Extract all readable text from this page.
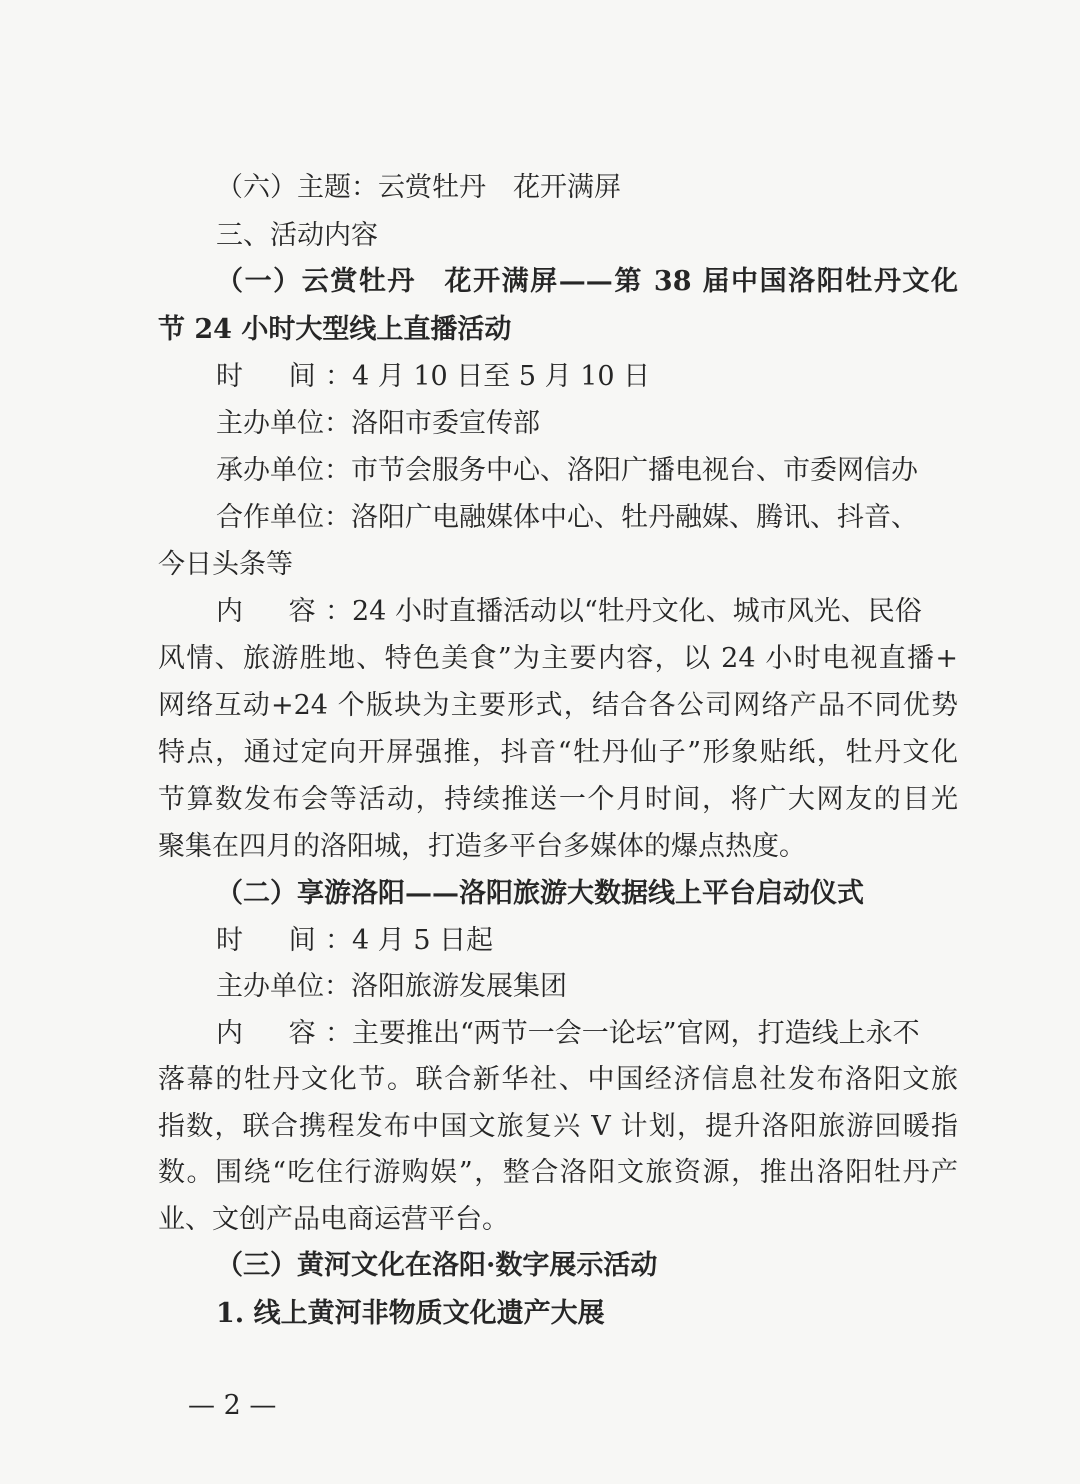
（六）主题：云赏牡丹　花开满屏
三、活动内容
（一）云赏牡丹　花开满屏——第 38 届中国洛阳牡丹文化
节 24 小时大型线上直播活动
时　间：4 月 10 日至 5 月 10 日
主办单位：洛阳市委宣传部
承办单位：市节会服务中心、洛阳广播电视台、市委网信办
合作单位：洛阳广电融媒体中心、牡丹融媒、腾讯、抖音、
今日头条等
内　容：24 小时直播活动以“牡丹文化、城市风光、民俗
风情、旅游胜地、特色美食”为主要内容，以 24 小时电视直播+
网络互动+24 个版块为主要形式，结合各公司网络产品不同优势
特点，通过定向开屏强推，抖音“牡丹仙子”形象贴纸，牡丹文化
节算数发布会等活动，持续推送一个月时间，将广大网友的目光
聚集在四月的洛阳城，打造多平台多媒体的爆点热度。
（二）享游洛阳——洛阳旅游大数据线上平台启动仪式
时　间：4 月 5 日起
主办单位：洛阳旅游发展集团
内　容：主要推出“两节一会一论坛”官网，打造线上永不
落幕的牡丹文化节。联合新华社、中国经济信息社发布洛阳文旅
指数，联合携程发布中国文旅复兴 V 计划，提升洛阳旅游回暖指
数。围绕“吃住行游购娱”，整合洛阳文旅资源，推出洛阳牡丹产
业、文创产品电商运营平台。
（三）黄河文化在洛阳·数字展示活动
1. 线上黄河非物质文化遗产大展
— 2 —
